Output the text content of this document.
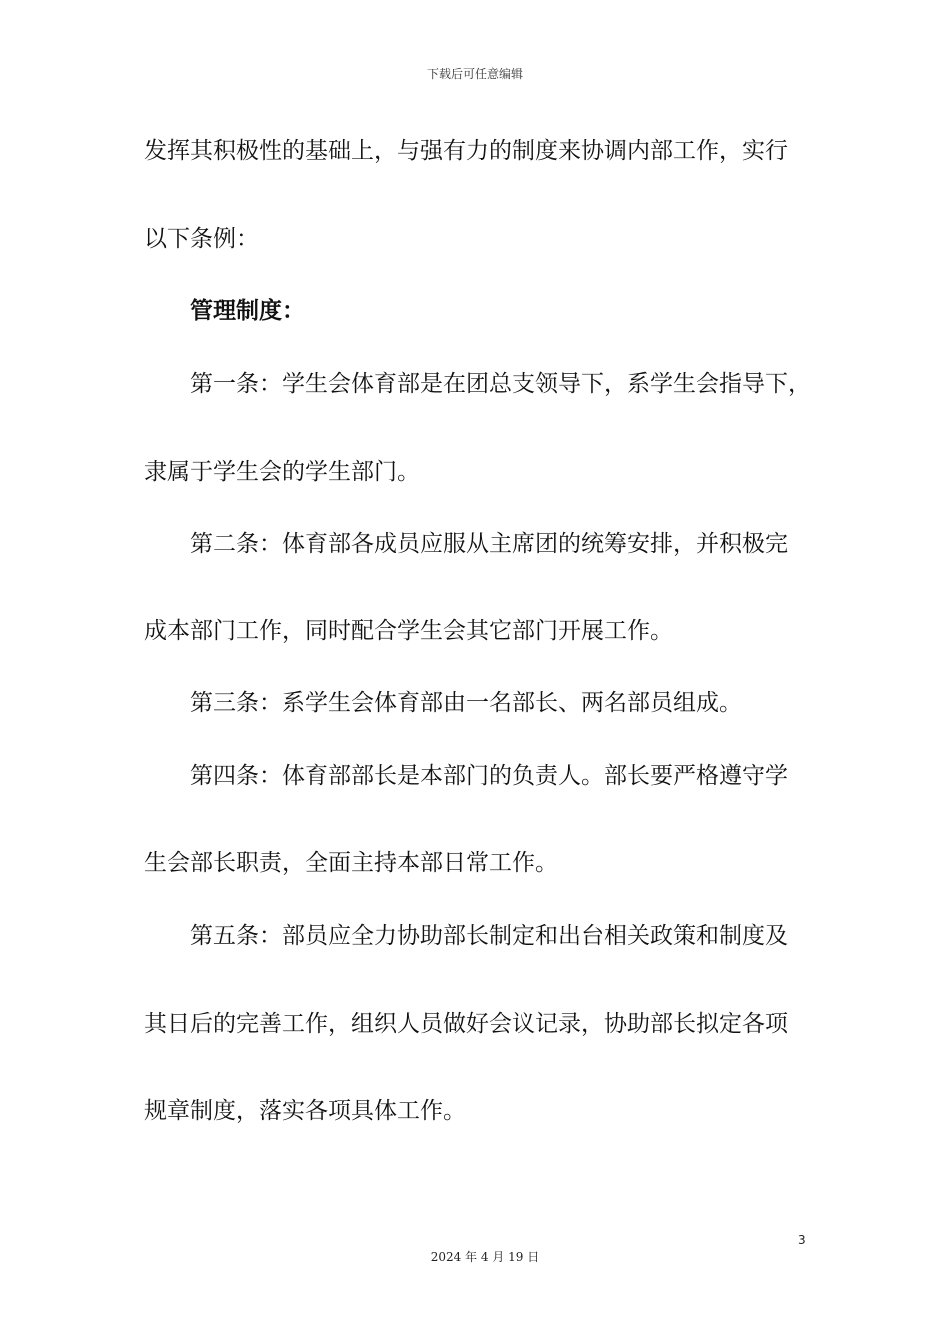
下载后可任意编辑
发挥其积极性的基础上，与强有力的制度来协调内部工作，实行
以下条例：
管理制度：
第一条：学生会体育部是在团总支领导下，系学生会指导下，
隶属于学生会的学生部门。
第二条：体育部各成员应服从主席团的统筹安排，并积极完
成本部门工作，同时配合学生会其它部门开展工作。
第三条：系学生会体育部由一名部长、两名部员组成。
第四条：体育部部长是本部门的负责人。部长要严格遵守学
生会部长职责，全面主持本部日常工作。
第五条：部员应全力协助部长制定和出台相关政策和制度及
其日后的完善工作，组织人员做好会议记录，协助部长拟定各项
规章制度，落实各项具体工作。
3
2024 年 4 月 19 日
